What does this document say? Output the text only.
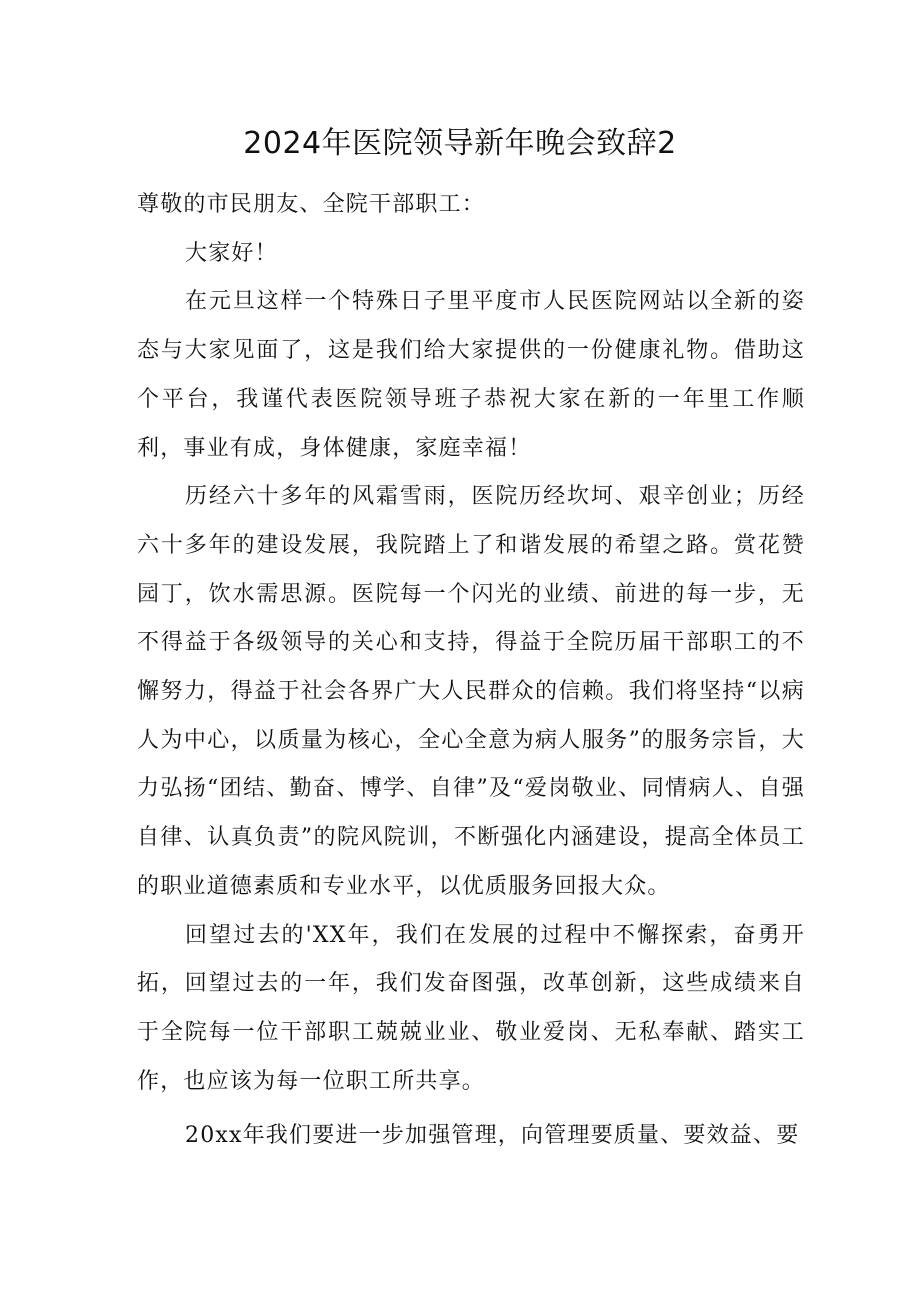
2024年医院领导新年晚会致辞2

尊敬的市民朋友、全院干部职工：

大家好！

在元旦这样一个特殊日子里平度市人民医院网站以全新的姿态与大家见面了，这是我们给大家提供的一份健康礼物。借助这个平台，我谨代表医院领导班子恭祝大家在新的一年里工作顺利，事业有成，身体健康，家庭幸福！

历经六十多年的风霜雪雨，医院历经坎坷、艰辛创业；历经六十多年的建设发展，我院踏上了和谐发展的希望之路。赏花赞园丁，饮水需思源。医院每一个闪光的业绩、前进的每一步，无不得益于各级领导的关心和支持，得益于全院历届干部职工的不懈努力，得益于社会各界广大人民群众的信赖。我们将坚持“以病人为中心，以质量为核心，全心全意为病人服务”的服务宗旨，大力弘扬“团结、勤奋、博学、自律”及“爱岗敬业、同情病人、自强自律、认真负责”的院风院训，不断强化内涵建设，提高全体员工的职业道德素质和专业水平，以优质服务回报大众。

回望过去的'XX年，我们在发展的过程中不懈探索，奋勇开拓，回望过去的一年，我们发奋图强，改革创新，这些成绩来自于全院每一位干部职工兢兢业业、敬业爱岗、无私奉献、踏实工作，也应该为每一位职工所共享。

20xx年我们要进一步加强管理，向管理要质量、要效益、要
